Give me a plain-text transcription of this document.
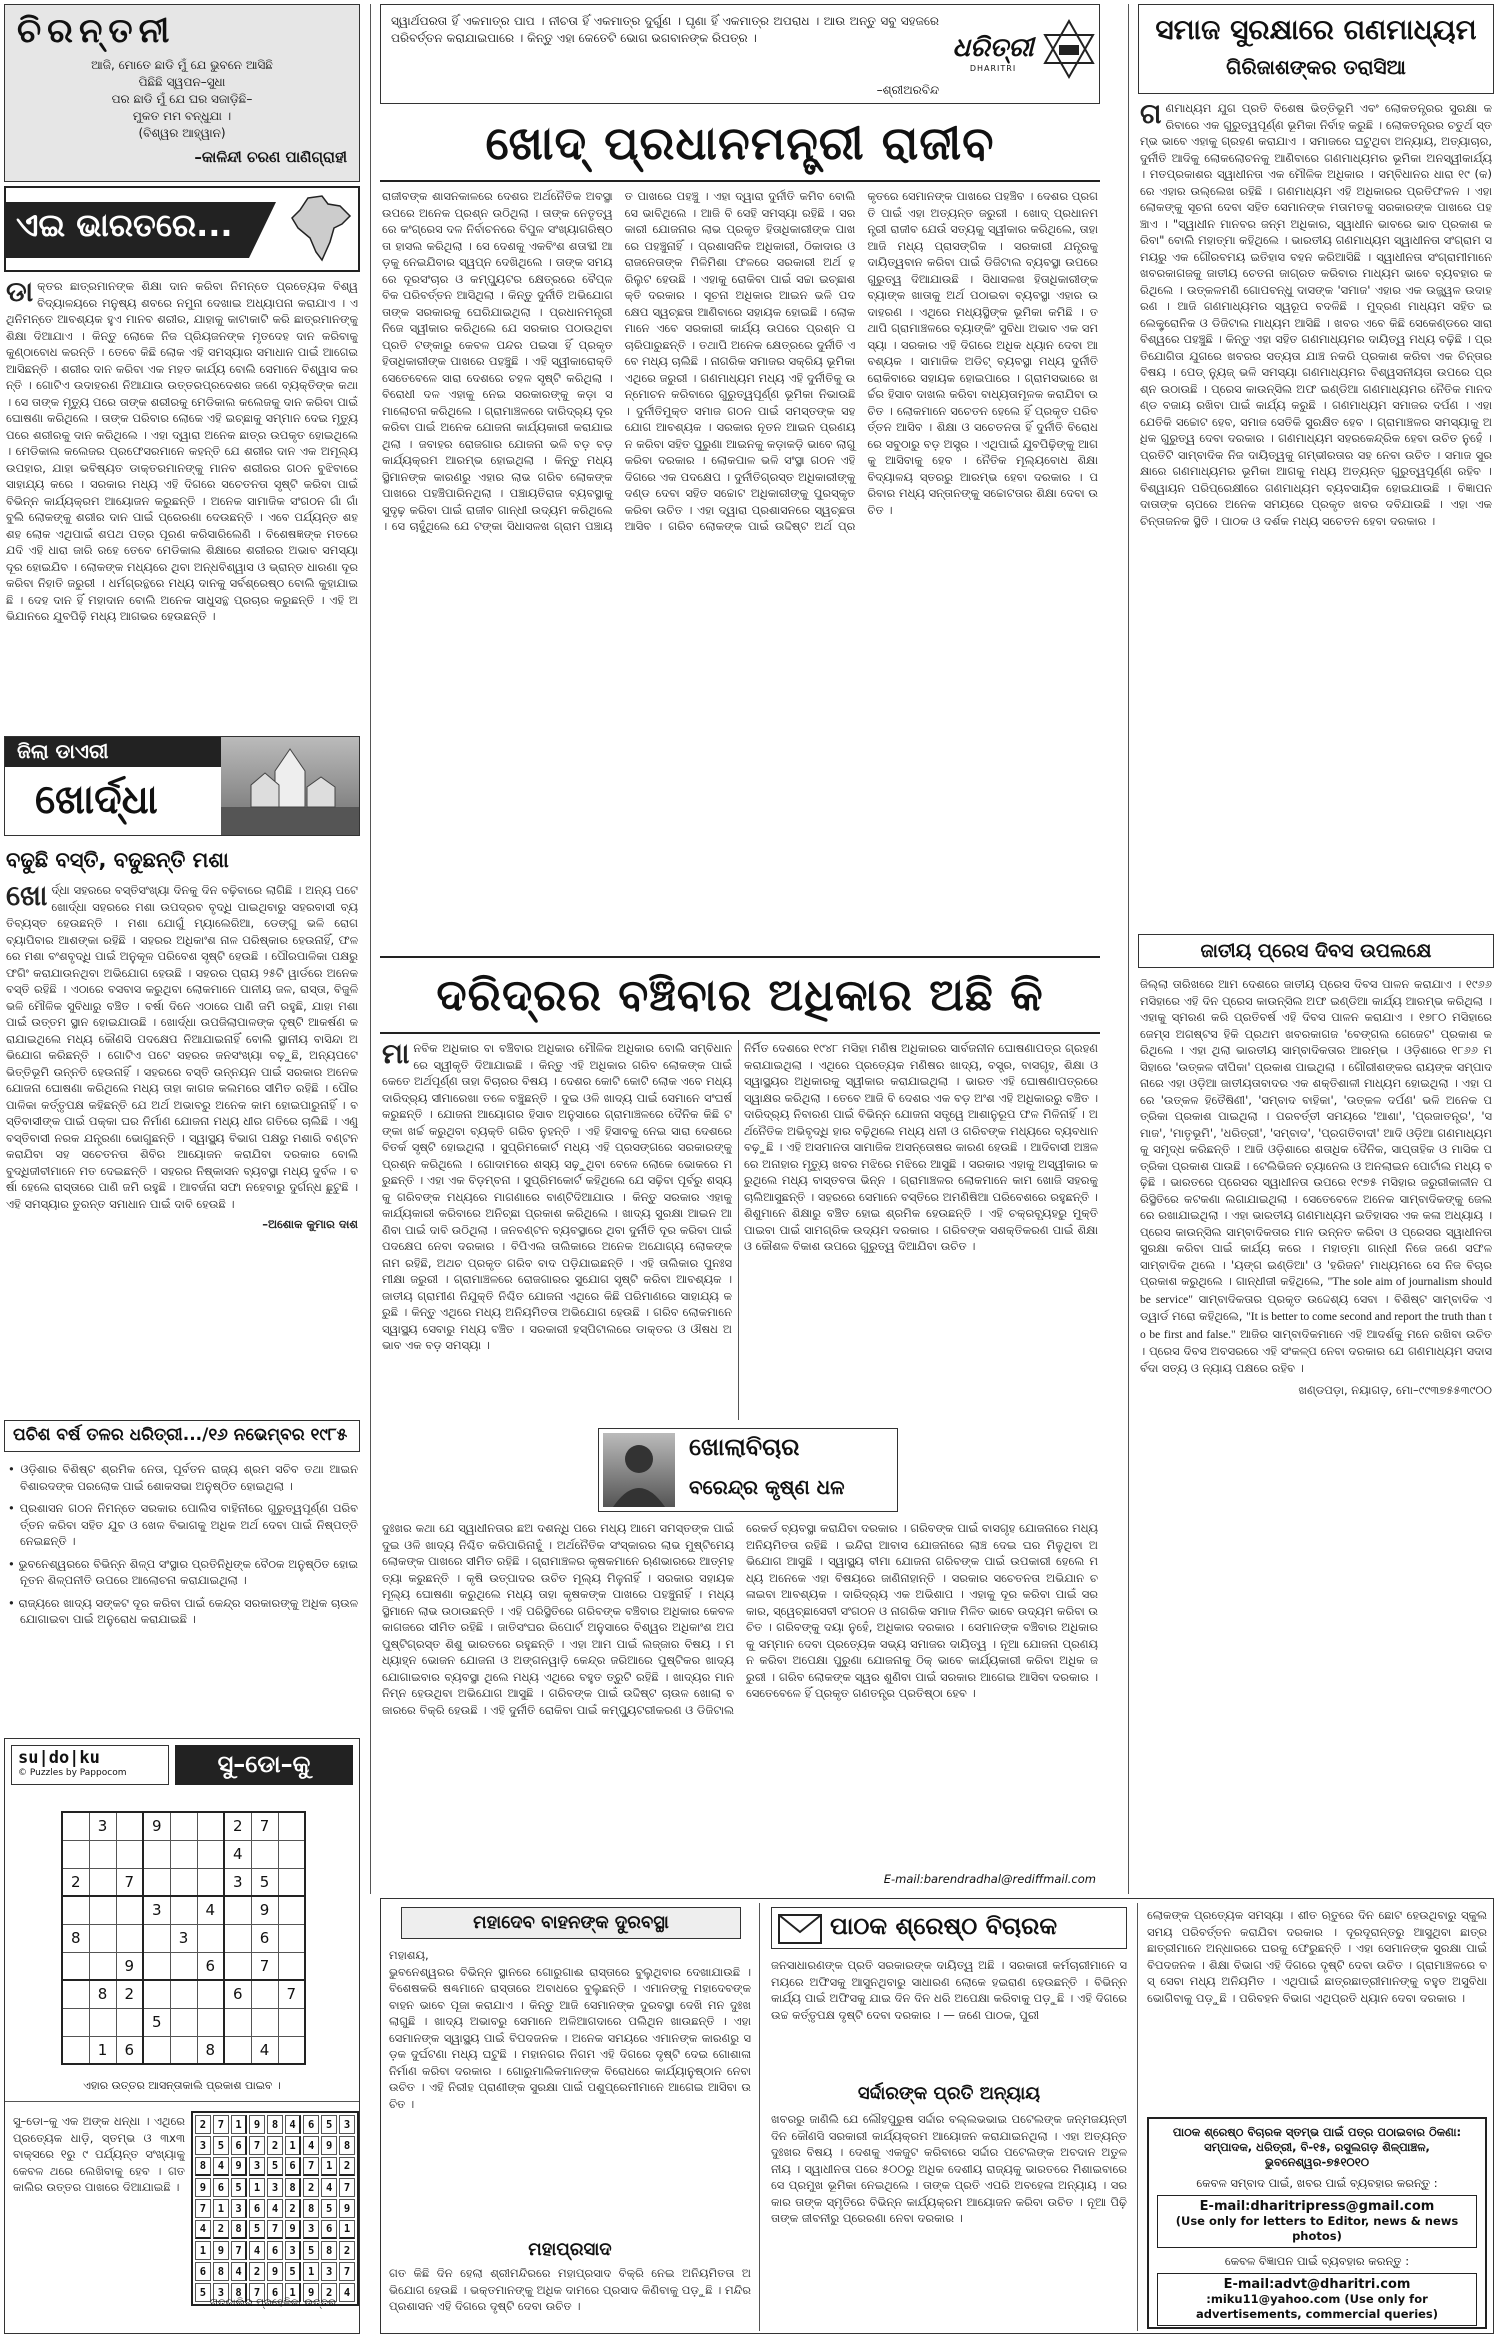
ଚିରନ୍ତନୀ
ଆଜି, ମୋତେ ଛାଡି ମୁଁ ଯେ ଭୁବନେ ଆସିଛି
ପିଛିଛି ସ୍ୱପନ–ସୁଧା
ପର ଛାଡି ମୁଁ ଯେ ଘର ସଜାଡ଼ିଛି–
ମୁକତ ମମ ବନ୍ଧୁଯା ।
(ବିଶ୍ୱର ଆହ୍ୱାନ)
–କାଳିନ୍ଦୀ ଚରଣ ପାଣିଗ୍ରାହୀ
ଏଇ ଭାରତରେ...
ଡାକ୍ତର ଛାତ୍ରମାନଙ୍କ ଶିକ୍ଷା ଦାନ କରିବା ନିମନ୍ତେ ପ୍ରତ୍ୟେକ ବିଶ୍ୱବିଦ୍ୟାଳୟରେ ମନୁଷ୍ୟ ଶବରେ ନମୁନା ଦେଖାଇ ଅଧ୍ୟାପନା କରାଯାଏ । ଏଥିନିମନ୍ତେ ଆବଶ୍ୟକ ହୁଏ ମାନବ ଶରୀର, ଯାହାକୁ କାଟାକାଟି କରି ଛାତ୍ରମାନଙ୍କୁ ଶିକ୍ଷା ଦିଆଯାଏ । କିନ୍ତୁ ଲୋକେ ନିଜ ପ୍ରିୟଜନଙ୍କ ମୃତଦେହ ଦାନ କରିବାକୁ କୁଣ୍ଠାବୋଧ କରନ୍ତି । ତେବେ କିଛି ଲୋକ ଏହି ସମସ୍ୟାର ସମାଧାନ ପାଇଁ ଆଗେଇ ଆସିଛନ୍ତି । ଶରୀର ଦାନ କରିବା ଏକ ମହତ କାର୍ଯ୍ୟ ବୋଲି ସେମାନେ ବିଶ୍ୱାସ କରନ୍ତି । ଗୋଟିଏ ଉଦାହରଣ ନିଆଯାଉ ଉତ୍ତରପ୍ରଦେଶର ଜଣେ ବ୍ୟକ୍ତିଙ୍କ କଥା । ସେ ତାଙ୍କ ମୃତ୍ୟୁ ପରେ ତାଙ୍କ ଶରୀରକୁ ମେଡିକାଲ କଲେଜକୁ ଦାନ କରିବା ପାଇଁ ଘୋଷଣା କରିଥିଲେ । ତାଙ୍କ ପରିବାର ଲୋକେ ଏହି ଇଚ୍ଛାକୁ ସମ୍ମାନ ଦେଇ ମୃତ୍ୟୁ ପରେ ଶରୀରକୁ ଦାନ କରିଥିଲେ । ଏହା ଦ୍ୱାରା ଅନେକ ଛାତ୍ର ଉପକୃତ ହୋଇଥିଲେ । ମେଡିକାଲ କଲେଜର ପ୍ରଫେସରମାନେ କହନ୍ତି ଯେ ଶରୀର ଦାନ ଏକ ଅମୂଲ୍ୟ ଉପହାର, ଯାହା ଭବିଷ୍ୟତ ଡାକ୍ତରମାନଙ୍କୁ ମାନବ ଶରୀରର ଗଠନ ବୁଝିବାରେ ସାହାଯ୍ୟ କରେ । ସରକାର ମଧ୍ୟ ଏହି ଦିଗରେ ସଚେତନତା ସୃଷ୍ଟି କରିବା ପାଇଁ ବିଭିନ୍ନ କାର୍ଯ୍ୟକ୍ରମ ଆୟୋଜନ କରୁଛନ୍ତି । ଅନେକ ସାମାଜିକ ସଂଗଠନ ଗାଁ ଗାଁ ବୁଲି ଲୋକଙ୍କୁ ଶରୀର ଦାନ ପାଇଁ ପ୍ରେରଣା ଦେଉଛନ୍ତି । ଏବେ ପର୍ଯ୍ୟନ୍ତ ଶହ ଶହ ଲୋକ ଏଥିପାଇଁ ଶପଥ ପତ୍ର ପୂରଣ କରିସାରିଲେଣି । ବିଶେଷଜ୍ଞଙ୍କ ମତରେ ଯଦି ଏହି ଧାରା ଜାରି ରହେ ତେବେ ମେଡିକାଲ ଶିକ୍ଷାରେ ଶରୀରର ଅଭାବ ସମସ୍ୟା ଦୂର ହୋଇଯିବ । ଲୋକଙ୍କ ମଧ୍ୟରେ ଥିବା ଅନ୍ଧବିଶ୍ୱାସ ଓ ଭ୍ରାନ୍ତ ଧାରଣା ଦୂର କରିବା ନିହାତି ଜରୁରୀ । ଧର୍ମଗ୍ରନ୍ଥରେ ମଧ୍ୟ ଦାନକୁ ସର୍ବଶ୍ରେଷ୍ଠ ବୋଲି କୁହାଯାଇଛି । ଦେହ ଦାନ ହିଁ ମହାଦାନ ବୋଲି ଅନେକ ସାଧୁସନ୍ଥ ପ୍ରଚାର କରୁଛନ୍ତି । ଏହି ଅଭିଯାନରେ ଯୁବପିଢ଼ି ମଧ୍ୟ ଆଗଭର ହେଉଛନ୍ତି ।
ଜିଲା ଡାଏରୀ
ଖୋର୍ଦ୍ଧା
ବଢୁଛି ବସ୍ତି, ବଢୁଛନ୍ତି ମଶା
ଖୋର୍ଦ୍ଧା ସହରରେ ବସ୍ତିସଂଖ୍ୟା ଦିନକୁ ଦିନ ବଢ଼ିବାରେ ଲାଗିଛି । ଅନ୍ୟ ପଟେ ଖୋର୍ଦ୍ଧା ସହରରେ ମଶା ଉପଦ୍ରବ ବୃଦ୍ଧି ପାଇଥିବାରୁ ସହରବାସୀ ବ୍ୟତିବ୍ୟସ୍ତ ହେଉଛନ୍ତି । ମଶା ଯୋଗୁଁ ମ୍ୟାଲେରିଆ, ଡେଙ୍ଗୁ ଭଳି ରୋଗ ବ୍ୟାପିବାର ଆଶଙ୍କା ରହିଛି । ସହରର ଅଧିକାଂଶ ନାଳ ପରିଷ୍କାର ହେଉନାହିଁ, ଫଳରେ ମଶା ବଂଶବୃଦ୍ଧି ପାଇଁ ଅନୁକୂଳ ପରିବେଶ ସୃଷ୍ଟି ହେଉଛି । ପୌରପାଳିକା ପକ୍ଷରୁ ଫଗିଂ କରାଯାଉନଥିବା ଅଭିଯୋଗ ହେଉଛି । ସହରର ପ୍ରାୟ ୨୫ଟି ୱାର୍ଡରେ ଅନେକ ବସ୍ତି ରହିଛି । ଏଠାରେ ବସବାସ କରୁଥିବା ଲୋକମାନେ ପାନୀୟ ଜଳ, ରାସ୍ତା, ବିଜୁଳି ଭଳି ମୌଳିକ ସୁବିଧାରୁ ବଞ୍ଚିତ । ବର୍ଷା ଦିନେ ଏଠାରେ ପାଣି ଜମି ରହୁଛି, ଯାହା ମଶା ପାଇଁ ଉତ୍ତମ ସ୍ଥାନ ହୋଇଯାଉଛି । ଖୋର୍ଦ୍ଧା ଉପଜିଲାପାଳଙ୍କ ଦୃଷ୍ଟି ଆକର୍ଷଣ କରାଯାଇଥିଲେ ମଧ୍ୟ କୌଣସି ପଦକ୍ଷେପ ନିଆଯାଇନାହିଁ ବୋଲି ସ୍ଥାନୀୟ ବାସିନ୍ଦା ଅଭିଯୋଗ କରିଛନ୍ତି । ଗୋଟିଏ ପଟେ ସହରର ଜନସଂଖ୍ୟା ବଢ଼ୁଛି, ଅନ୍ୟପଟେ ଭିତ୍ତିଭୂମି ଉନ୍ନତି ହେଉନାହିଁ । ସହରରେ ବସ୍ତି ଉନ୍ନୟନ ପାଇଁ ସରକାର ଅନେକ ଯୋଜନା ଘୋଷଣା କରିଥିଲେ ମଧ୍ୟ ତାହା କାଗଜ କଲମରେ ସୀମିତ ରହିଛି । ପୌରପାଳିକା କର୍ତ୍ତୃପକ୍ଷ କହିଛନ୍ତି ଯେ ଅର୍ଥ ଅଭାବରୁ ଅନେକ କାମ ହୋଇପାରୁନାହିଁ । ବସ୍ତିବାସୀଙ୍କ ପାଇଁ ପକ୍କା ଘର ନିର୍ମାଣ ଯୋଜନା ମଧ୍ୟ ଧୀର ଗତିରେ ଚାଲିଛି । ଏଣୁ ବସ୍ତିବାସୀ ନରକ ଯନ୍ତ୍ରଣା ଭୋଗୁଛନ୍ତି । ସ୍ୱାସ୍ଥ୍ୟ ବିଭାଗ ପକ୍ଷରୁ ମଶାରି ବଣ୍ଟନ କରାଯିବା ସହ ସଚେତନତା ଶିବିର ଆୟୋଜନ କରାଯିବା ଦରକାର ବୋଲି ବୁଦ୍ଧିଜୀବୀମାନେ ମତ ଦେଇଛନ୍ତି । ସହରର ନିଷ୍କାସନ ବ୍ୟବସ୍ଥା ମଧ୍ୟ ଦୁର୍ବଳ । ବର୍ଷା ହେଲେ ରାସ୍ତାରେ ପାଣି ଜମି ରହୁଛି । ଆବର୍ଜନା ସଫା ନହେବାରୁ ଦୁର୍ଗନ୍ଧ ଛୁଟୁଛି । ଏହି ସମସ୍ୟାର ତୁରନ୍ତ ସମାଧାନ ପାଇଁ ଦାବି ହେଉଛି ।
–ଅଶୋକ କୁମାର ଦାଶ
ପଚିଶ ବର୍ଷ ତଳର ଧରିତ୍ରୀ.../୧୬ ନଭେମ୍ବର ୧୯୮୫
• ଓଡ଼ିଶାର ବିଶିଷ୍ଟ ଶ୍ରମିକ ନେତା, ପୂର୍ବତନ ରାଜ୍ୟ ଶ୍ରମ ସଚିବ ତଥା ଆଇନବିଶାରଦଙ୍କ ପରଲୋକ ପାଇଁ ଶୋକସଭା ଅନୁଷ୍ଠିତ ହୋଇଥିଲା ।
• ପ୍ରଶାସନ ଗଠନ ନିମନ୍ତେ ସରକାର ପୋଲିସ ବାହିନୀରେ ଗୁରୁତ୍ୱପୂର୍ଣ୍ଣ ପରିବର୍ତ୍ତନ କରିବା ସହିତ ଯୁବ ଓ ଖେଳ ବିଭାଗକୁ ଅଧିକ ଅର୍ଥ ଦେବା ପାଇଁ ନିଷ୍ପତ୍ତି ନେଇଛନ୍ତି ।
• ଭୁବନେଶ୍ୱରରେ ବିଭିନ୍ନ ଶିଳ୍ପ ସଂସ୍ଥାର ପ୍ରତିନିଧିଙ୍କ ବୈଠକ ଅନୁଷ୍ଠିତ ହୋଇ ନୂତନ ଶିଳ୍ପନୀତି ଉପରେ ଆଲୋଚନା କରାଯାଇଥିଲା ।
• ରାଜ୍ୟରେ ଖାଦ୍ୟ ସଙ୍କଟ ଦୂର କରିବା ପାଇଁ କେନ୍ଦ୍ର ସରକାରଙ୍କୁ ଅଧିକ ଚାଉଳ ଯୋଗାଇବା ପାଇଁ ଅନୁରୋଧ କରାଯାଇଛି ।
su|do|ku
© Puzzles by Pappocom	ସୁ–ଡୋ–କୁ
	3		9			2	7	
						4		
2		7				3	5	
			3		4		9	
8				3			6	
		9			6		7	
	8	2				6		7
			5					
	1	6			8		4	
ଏହାର ଉତ୍ତର ଆସନ୍ତାକାଲି ପ୍ରକାଶ ପାଇବ ।
ସୁ–ଡୋ–କୁ ଏକ ଅଙ୍କ ଧନ୍ଧା । ଏଥିରେ ପ୍ରତ୍ୟେକ ଧାଡ଼ି, ସ୍ତମ୍ଭ ଓ ୩x୩ ବାକ୍ସରେ ୧ରୁ ୯ ପର୍ଯ୍ୟନ୍ତ ସଂଖ୍ୟାକୁ କେବଳ ଥରେ ଲେଖିବାକୁ ହେବ । ଗତକାଲିର ଉତ୍ତର ପାଖରେ ଦିଆଯାଇଛି ।
2	7	1	9	8	4	6	5	3
3	5	6	7	2	1	4	9	8
8	4	9	3	5	6	7	1	2
9	6	5	1	3	8	2	4	7
7	1	3	6	4	2	8	5	9
4	2	8	5	7	9	3	6	1
1	9	7	4	6	3	5	8	2
6	8	4	2	9	5	1	3	7
5	3	8	7	6	1	9	2	4
ଗତକାଲିର ପ୍ରହେଳିକା ଉତ୍ତର
ସ୍ୱାର୍ଥପରତା ହିଁ ଏକମାତ୍ର ପାପ । ନୀଚତା ହିଁ ଏକମାତ୍ର ଦୁର୍ଗୁଣ । ଘୃଣା ହିଁ ଏକମାତ୍ର ଅପରାଧ । ଆଉ ଅନ୍ତୁ ସବୁ ସହଜରେ ପରିବର୍ତ୍ତନ କରାଯାଇପାରେ । କିନ୍ତୁ ଏହା କେତେଟି ଭୋଗ ଭଗବାନଙ୍କ ରିପତ୍ର ।
–ଶ୍ରୀଅରବିନ୍ଦ
ଧରିତ୍ରୀ
DHARITRI
ଖୋଦ୍ ପ୍ରଧାନମନ୍ତ୍ରୀ ରାଜୀବ
ରାଜୀବଙ୍କ ଶାସନକାଳରେ ଦେଶର ଅର୍ଥନୈତିକ ଅବସ୍ଥା ଉପରେ ଅନେକ ପ୍ରଶ୍ନ ଉଠିଥିଲା । ତାଙ୍କ ନେତୃତ୍ୱରେ କଂଗ୍ରେସ ଦଳ ନିର୍ବାଚନରେ ବିପୁଳ ସଂଖ୍ୟାଗରିଷ୍ଠତା ହାସଲ କରିଥିଲା । ସେ ଦେଶକୁ ଏକବିଂଶ ଶତାବ୍ଦୀ ଆଡ଼କୁ ନେଇଯିବାର ସ୍ୱପ୍ନ ଦେଖିଥିଲେ । ତାଙ୍କ ସମୟରେ ଦୂରସଂଚାର ଓ କମ୍ପ୍ୟୁଟର କ୍ଷେତ୍ରରେ ବୈପ୍ଳବିକ ପରିବର୍ତ୍ତନ ଆସିଥିଲା । କିନ୍ତୁ ଦୁର୍ନୀତି ଅଭିଯୋଗ ତାଙ୍କ ସରକାରକୁ ଘେରିଯାଇଥିଲା । ପ୍ରଧାନମନ୍ତ୍ରୀ ନିଜେ ସ୍ୱୀକାର କରିଥିଲେ ଯେ ସରକାର ପଠାଉଥିବା ପ୍ରତି ଟଙ୍କାରୁ କେବଳ ପନ୍ଦର ପଇସା ହିଁ ପ୍ରକୃତ ହିତାଧିକାରୀଙ୍କ ପାଖରେ ପହଞ୍ଚୁଛି । ଏହି ସ୍ୱୀକାରୋକ୍ତି ସେତେବେଳେ ସାରା ଦେଶରେ ଚହଳ ସୃଷ୍ଟି କରିଥିଲା । ବିରୋଧୀ ଦଳ ଏହାକୁ ନେଇ ସରକାରଙ୍କୁ କଡ଼ା ସମାଲୋଚନା କରିଥିଲେ । ଗ୍ରାମାଞ୍ଚଳରେ ଦାରିଦ୍ର୍ୟ ଦୂର କରିବା ପାଇଁ ଅନେକ ଯୋଜନା କାର୍ଯ୍ୟକାରୀ କରାଯାଇଥିଲା । ଜବାହର ରୋଜଗାର ଯୋଜନା ଭଳି ବଡ଼ ବଡ଼ କାର୍ଯ୍ୟକ୍ରମ ଆରମ୍ଭ ହୋଇଥିଲା । କିନ୍ତୁ ମଧ୍ୟସ୍ଥିମାନଙ୍କ କାରଣରୁ ଏହାର ଲାଭ ଗରିବ ଲୋକଙ୍କ ପାଖରେ ପହଞ୍ଚିପାରିନଥିଲା । ପଞ୍ଚାୟତିରାଜ ବ୍ୟବସ୍ଥାକୁ ସୁଦୃଢ଼ କରିବା ପାଇଁ ରାଜୀବ ଗାନ୍ଧୀ ଉଦ୍ୟମ କରିଥିଲେ । ସେ ଚାହୁଁଥିଲେ ଯେ ଟଙ୍କା ସିଧାସଳଖ ଗ୍ରାମ ପଞ୍ଚାୟତ ପାଖରେ ପହଞ୍ଚୁ । ଏହା ଦ୍ୱାରା ଦୁର୍ନୀତି କମିବ ବୋଲି ସେ ଭାବିଥିଲେ । ଆଜି ବି ସେହି ସମସ୍ୟା ରହିଛି । ସରକାରୀ ଯୋଜନାର ଲାଭ ପ୍ରକୃତ ହିତାଧିକାରୀଙ୍କ ପାଖରେ ପହଞ୍ଚୁନାହିଁ । ପ୍ରଶାସନିକ ଅଧିକାରୀ, ଠିକାଦାର ଓ ରାଜନେତାଙ୍କ ମିଳିମିଶା ଫଳରେ ସରକାରୀ ଅର୍ଥ ହରିଲୁଟ ହେଉଛି । ଏହାକୁ ରୋକିବା ପାଇଁ ସଚ୍ଚା ଇଚ୍ଛାଶକ୍ତି ଦରକାର । ସୂଚନା ଅଧିକାର ଆଇନ ଭଳି ପଦକ୍ଷେପ ସ୍ୱଚ୍ଛତା ଆଣିବାରେ ସହାୟକ ହୋଇଛି । ଲୋକମାନେ ଏବେ ସରକାରୀ କାର୍ଯ୍ୟ ଉପରେ ପ୍ରଶ୍ନ ପଚାରିପାରୁଛନ୍ତି । ତଥାପି ଅନେକ କ୍ଷେତ୍ରରେ ଦୁର୍ନୀତି ଏବେ ମଧ୍ୟ ଚାଲିଛି । ନାଗରିକ ସମାଜର ସକ୍ରିୟ ଭୂମିକା ଏଥିରେ ଜରୁରୀ । ଗଣମାଧ୍ୟମ ମଧ୍ୟ ଏହି ଦୁର୍ନୀତିକୁ ଉନ୍ମୋଚନ କରିବାରେ ଗୁରୁତ୍ୱପୂର୍ଣ୍ଣ ଭୂମିକା ନିଭାଉଛି । ଦୁର୍ନୀତିମୁକ୍ତ ସମାଜ ଗଠନ ପାଇଁ ସମସ୍ତଙ୍କ ସହଯୋଗ ଆବଶ୍ୟକ । ସରକାର ନୂତନ ଆଇନ ପ୍ରଣୟନ କରିବା ସହିତ ପୁରୁଣା ଆଇନକୁ କଡ଼ାକଡ଼ି ଭାବେ ଲାଗୁ କରିବା ଦରକାର । ଲୋକପାଳ ଭଳି ସଂସ୍ଥା ଗଠନ ଏହି ଦିଗରେ ଏକ ପଦକ୍ଷେପ । ଦୁର୍ନୀତିଗ୍ରସ୍ତ ଅଧିକାରୀଙ୍କୁ ଦଣ୍ଡ ଦେବା ସହିତ ସଚ୍ଚୋଟ ଅଧିକାରୀଙ୍କୁ ପୁରସ୍କୃତ କରିବା ଉଚିତ । ଏହା ଦ୍ୱାରା ପ୍ରଶାସନରେ ସ୍ୱଚ୍ଛତା ଆସିବ । ଗରିବ ଲୋକଙ୍କ ପାଇଁ ଉଦ୍ଦିଷ୍ଟ ଅର୍ଥ ପ୍ରକୃତରେ ସେମାନଙ୍କ ପାଖରେ ପହଞ୍ଚିବ । ଦେଶର ପ୍ରଗତି ପାଇଁ ଏହା ଅତ୍ୟନ୍ତ ଜରୁରୀ । ଖୋଦ୍ ପ୍ରଧାନମନ୍ତ୍ରୀ ରାଜୀବ ଯେଉଁ ସତ୍ୟକୁ ସ୍ୱୀକାର କରିଥିଲେ, ତାହା ଆଜି ମଧ୍ୟ ପ୍ରାସଙ୍ଗିକ । ସରକାରୀ ଯନ୍ତ୍ରକୁ ଦାୟିତ୍ୱବାନ କରିବା ପାଇଁ ଡିଜିଟାଲ ବ୍ୟବସ୍ଥା ଉପରେ ଗୁରୁତ୍ୱ ଦିଆଯାଉଛି । ସିଧାସଳଖ ହିତାଧିକାରୀଙ୍କ ବ୍ୟାଙ୍କ ଖାତାକୁ ଅର୍ଥ ପଠାଇବା ବ୍ୟବସ୍ଥା ଏହାର ଉଦାହରଣ । ଏଥିରେ ମଧ୍ୟସ୍ଥିଙ୍କ ଭୂମିକା କମିଛି । ତଥାପି ଗ୍ରାମାଞ୍ଚଳରେ ବ୍ୟାଙ୍କିଂ ସୁବିଧା ଅଭାବ ଏକ ସମସ୍ୟା । ସରକାର ଏହି ଦିଗରେ ଅଧିକ ଧ୍ୟାନ ଦେବା ଆବଶ୍ୟକ । ସାମାଜିକ ଅଡିଟ୍ ବ୍ୟବସ୍ଥା ମଧ୍ୟ ଦୁର୍ନୀତି ରୋକିବାରେ ସହାୟକ ହୋଇପାରେ । ଗ୍ରାମସଭାରେ ଖର୍ଚ୍ଚର ହିସାବ ଦାଖଲ କରିବା ବାଧ୍ୟତାମୂଳକ କରାଯିବା ଉଚିତ । ଲୋକମାନେ ସଚେତନ ହେଲେ ହିଁ ପ୍ରକୃତ ପରିବର୍ତ୍ତନ ଆସିବ । ଶିକ୍ଷା ଓ ସଚେତନତା ହିଁ ଦୁର୍ନୀତି ବିରୋଧରେ ସବୁଠାରୁ ବଡ଼ ଅସ୍ତ୍ର । ଏଥିପାଇଁ ଯୁବପିଢ଼ିଙ୍କୁ ଆଗକୁ ଆସିବାକୁ ହେବ । ନୈତିକ ମୂଲ୍ୟବୋଧ ଶିକ୍ଷା ବିଦ୍ୟାଳୟ ସ୍ତରରୁ ଆରମ୍ଭ ହେବା ଦରକାର । ପରିବାର ମଧ୍ୟ ସନ୍ତାନଙ୍କୁ ସଚ୍ଚୋଟତାର ଶିକ୍ଷା ଦେବା ଉଚିତ ।
ଦରିଦ୍ରର ବଞ୍ଚିବାର ଅଧିକାର ଅଛି କି
ମାନବିକ ଅଧିକାର ବା ବଞ୍ଚିବାର ଅଧିକାର ମୌଳିକ ଅଧିକାର ବୋଲି ସମ୍ବିଧାନରେ ସ୍ୱୀକୃତି ଦିଆଯାଇଛି । କିନ୍ତୁ ଏହି ଅଧିକାର ଗରିବ ଲୋକଙ୍କ ପାଇଁ କେତେ ଅର୍ଥପୂର୍ଣ୍ଣ ତାହା ବିଚାରର ବିଷୟ । ଦେଶର କୋଟି କୋଟି ଲୋକ ଏବେ ମଧ୍ୟ ଦାରିଦ୍ର୍ୟ ସୀମାରେଖା ତଳେ ବଞ୍ଚୁଛନ୍ତି । ଦୁଇ ଓଳି ଖାଦ୍ୟ ପାଇଁ ସେମାନେ ସଂଘର୍ଷ କରୁଛନ୍ତି । ଯୋଜନା ଆୟୋଗର ହିସାବ ଅନୁସାରେ ଗ୍ରାମାଞ୍ଚଳରେ ଦୈନିକ କିଛି ଟଙ୍କା ଖର୍ଚ୍ଚ କରୁଥିବା ବ୍ୟକ୍ତି ଗରିବ ନୁହନ୍ତି । ଏହି ହିସାବକୁ ନେଇ ସାରା ଦେଶରେ ବିତର୍କ ସୃଷ୍ଟି ହୋଇଥିଲା । ସୁପ୍ରିମକୋର୍ଟ ମଧ୍ୟ ଏହି ପ୍ରସଙ୍ଗରେ ସରକାରଙ୍କୁ ପ୍ରଶ୍ନ କରିଥିଲେ । ଗୋଦାମରେ ଶସ୍ୟ ସଢ଼ୁଥିବା ବେଳେ ଲୋକେ ଭୋକରେ ମରୁଛନ୍ତି । ଏହା ଏକ ବିଡ଼ମ୍ବନା । ସୁପ୍ରିମକୋର୍ଟ କହିଥିଲେ ଯେ ସଢ଼ିବା ପୂର୍ବରୁ ଶସ୍ୟକୁ ଗରିବଙ୍କ ମଧ୍ୟରେ ମାଗଣାରେ ବାଣ୍ଟିଦିଆଯାଉ । କିନ୍ତୁ ସରକାର ଏହାକୁ କାର୍ଯ୍ୟକାରୀ କରିବାରେ ଅନିଚ୍ଛା ପ୍ରକାଶ କରିଥିଲେ । ଖାଦ୍ୟ ସୁରକ୍ଷା ଆଇନ ଆଣିବା ପାଇଁ ଦାବି ଉଠିଥିଲା । ଜନବଣ୍ଟନ ବ୍ୟବସ୍ଥାରେ ଥିବା ଦୁର୍ନୀତି ଦୂର କରିବା ପାଇଁ ପଦକ୍ଷେପ ନେବା ଦରକାର । ବିପିଏଲ ତାଲିକାରେ ଅନେକ ଅଯୋଗ୍ୟ ଲୋକଙ୍କ ନାମ ରହିଛି, ଅଥଚ ପ୍ରକୃତ ଗରିବ ବାଦ ପଡ଼ିଯାଇଛନ୍ତି । ଏହି ତାଲିକାର ପୁନଃସମୀକ୍ଷା ଜରୁରୀ । ଗ୍ରାମାଞ୍ଚଳରେ ରୋଜଗାରର ସୁଯୋଗ ସୃଷ୍ଟି କରିବା ଆବଶ୍ୟକ । ଜାତୀୟ ଗ୍ରାମୀଣ ନିଯୁକ୍ତି ନିଶ୍ଚିତ ଯୋଜନା ଏଥିରେ କିଛି ପରିମାଣରେ ସାହାଯ୍ୟ କରୁଛି । କିନ୍ତୁ ଏଥିରେ ମଧ୍ୟ ଅନିୟମିତତା ଅଭିଯୋଗ ହେଉଛି । ଗରିବ ଲୋକମାନେ ସ୍ୱାସ୍ଥ୍ୟ ସେବାରୁ ମଧ୍ୟ ବଞ୍ଚିତ । ସରକାରୀ ହସ୍ପିଟାଲରେ ଡାକ୍ତର ଓ ଔଷଧ ଅଭାବ ଏକ ବଡ଼ ସମସ୍ୟା ।
ଖୋଲାବିଚାର
ବରେନ୍ଦ୍ର କୃଷ୍ଣ ଧଳ
ନିର୍ମିତ ଦେଶରେ ୧୯୪୮ ମସିହା ମଣିଷ ଅଧିକାରର ସାର୍ବଜନୀନ ଘୋଷଣାପତ୍ର ଗ୍ରହଣ କରାଯାଇଥିଲା । ଏଥିରେ ପ୍ରତ୍ୟେକ ମଣିଷର ଖାଦ୍ୟ, ବସ୍ତ୍ର, ବାସଗୃହ, ଶିକ୍ଷା ଓ ସ୍ୱାସ୍ଥ୍ୟର ଅଧିକାରକୁ ସ୍ୱୀକାର କରାଯାଇଥିଲା । ଭାରତ ଏହି ଘୋଷଣାପତ୍ରରେ ସ୍ୱାକ୍ଷର କରିଥିଲା । ତେବେ ଆଜି ବି ଦେଶର ଏକ ବଡ଼ ଅଂଶ ଏହି ଅଧିକାରରୁ ବଞ୍ଚିତ । ଦାରିଦ୍ର୍ୟ ନିବାରଣ ପାଇଁ ବିଭିନ୍ନ ଯୋଜନା ସତ୍ତ୍ୱେ ଆଶାନୁରୂପ ଫଳ ମିଳିନାହିଁ । ଅର୍ଥନୈତିକ ଅଭିବୃଦ୍ଧି ହାର ବଢ଼ିଥିଲେ ମଧ୍ୟ ଧନୀ ଓ ଗରିବଙ୍କ ମଧ୍ୟରେ ବ୍ୟବଧାନ ବଢ଼ୁଛି । ଏହି ଅସମାନତା ସାମାଜିକ ଅସନ୍ତୋଷର କାରଣ ହେଉଛି । ଆଦିବାସୀ ଅଞ୍ଚଳରେ ଅନାହାର ମୃତ୍ୟୁ ଖବର ମଝିରେ ମଝିରେ ଆସୁଛି । ସରକାର ଏହାକୁ ଅସ୍ୱୀକାର କରୁଥିଲେ ମଧ୍ୟ ବାସ୍ତବତା ଭିନ୍ନ । ଗ୍ରାମାଞ୍ଚଳର ଲୋକମାନେ କାମ ଖୋଜି ସହରକୁ ଚାଲିଆସୁଛନ୍ତି । ସହରରେ ସେମାନେ ବସ୍ତିରେ ଅମଣିଷିଆ ପରିବେଶରେ ରହୁଛନ୍ତି । ଶିଶୁମାନେ ଶିକ୍ଷାରୁ ବଞ୍ଚିତ ହୋଇ ଶ୍ରମିକ ହେଉଛନ୍ତି । ଏହି ଚକ୍ରବ୍ୟୂହରୁ ମୁକ୍ତି ପାଇବା ପାଇଁ ସାମଗ୍ରିକ ଉଦ୍ୟମ ଦରକାର । ଗରିବଙ୍କ ସଶକ୍ତିକରଣ ପାଇଁ ଶିକ୍ଷା ଓ କୌଶଳ ବିକାଶ ଉପରେ ଗୁରୁତ୍ୱ ଦିଆଯିବା ଉଚିତ ।
ଦୁଃଖର କଥା ଯେ ସ୍ୱାଧୀନତାର ଛଅ ଦଶନ୍ଧି ପରେ ମଧ୍ୟ ଆମେ ସମସ୍ତଙ୍କ ପାଇଁ ଦୁଇ ଓଳି ଖାଦ୍ୟ ନିଶ୍ଚିତ କରିପାରିନାହୁଁ । ଅର୍ଥନୈତିକ ସଂସ୍କାରର ଲାଭ ମୁଷ୍ଟିମେୟ ଲୋକଙ୍କ ପାଖରେ ସୀମିତ ରହିଛି । ଗ୍ରାମାଞ୍ଚଳର କୃଷକମାନେ ଋଣଭାରରେ ଆତ୍ମହତ୍ୟା କରୁଛନ୍ତି । କୃଷି ଉତ୍ପାଦର ଉଚିତ ମୂଲ୍ୟ ମିଳୁନାହିଁ । ସରକାର ସହାୟକ ମୂଲ୍ୟ ଘୋଷଣା କରୁଥିଲେ ମଧ୍ୟ ତାହା କୃଷକଙ୍କ ପାଖରେ ପହଞ୍ଚୁନାହିଁ । ମଧ୍ୟସ୍ଥିମାନେ ଲାଭ ଉଠାଉଛନ୍ତି । ଏହି ପରିସ୍ଥିତିରେ ଗରିବଙ୍କ ବଞ୍ଚିବାର ଅଧିକାର କେବଳ କାଗଜରେ ସୀମିତ ରହିଛି । ଜାତିସଂଘର ରିପୋର୍ଟ ଅନୁସାରେ ବିଶ୍ୱର ଅଧିକାଂଶ ଅପପୁଷ୍ଟିଗ୍ରସ୍ତ ଶିଶୁ ଭାରତରେ ରହୁଛନ୍ତି । ଏହା ଆମ ପାଇଁ ଲଜ୍ଜାର ବିଷୟ । ମଧ୍ୟାହ୍ନ ଭୋଜନ ଯୋଜନା ଓ ଅଙ୍ଗନୱାଡ଼ି କେନ୍ଦ୍ର ଜରିଆରେ ପୁଷ୍ଟିକର ଖାଦ୍ୟ ଯୋଗାଇବାର ବ୍ୟବସ୍ଥା ଥିଲେ ମଧ୍ୟ ଏଥିରେ ବହୁତ ତ୍ରୁଟି ରହିଛି । ଖାଦ୍ୟର ମାନ ନିମ୍ନ ହେଉଥିବା ଅଭିଯୋଗ ଆସୁଛି । ଗରିବଙ୍କ ପାଇଁ ଉଦ୍ଦିଷ୍ଟ ଚାଉଳ ଖୋଲା ବଜାରରେ ବିକ୍ରି ହେଉଛି । ଏହି ଦୁର୍ନୀତି ରୋକିବା ପାଇଁ କମ୍ପ୍ୟୁଟରୀକରଣ ଓ ଡିଜିଟାଲ ରେକର୍ଡ ବ୍ୟବସ୍ଥା କରାଯିବା ଦରକାର । ଗରିବଙ୍କ ପାଇଁ ବାସଗୃହ ଯୋଜନାରେ ମଧ୍ୟ ଅନିୟମିତତା ରହିଛି । ଇନ୍ଦିରା ଆବାସ ଯୋଜନାରେ ଲାଞ୍ଚ ଦେଇ ଘର ମିଳୁଥିବା ଅଭିଯୋଗ ଆସୁଛି । ସ୍ୱାସ୍ଥ୍ୟ ବୀମା ଯୋଜନା ଗରିବଙ୍କ ପାଇଁ ଉପକାରୀ ହେଲେ ମଧ୍ୟ ଅନେକେ ଏହା ବିଷୟରେ ଜାଣିନାହାନ୍ତି । ସରକାର ସଚେତନତା ଅଭିଯାନ ଚଳାଇବା ଆବଶ୍ୟକ । ଦାରିଦ୍ର୍ୟ ଏକ ଅଭିଶାପ । ଏହାକୁ ଦୂର କରିବା ପାଇଁ ସରକାର, ସ୍ୱେଚ୍ଛାସେବୀ ସଂଗଠନ ଓ ନାଗରିକ ସମାଜ ମିଳିତ ଭାବେ ଉଦ୍ୟମ କରିବା ଉଚିତ । ଗରିବଙ୍କୁ ଦୟା ନୁହେଁ, ଅଧିକାର ଦରକାର । ସେମାନଙ୍କ ବଞ୍ଚିବାର ଅଧିକାରକୁ ସମ୍ମାନ ଦେବା ପ୍ରତ୍ୟେକ ସଭ୍ୟ ସମାଜର ଦାୟିତ୍ୱ । ନୂଆ ଯୋଜନା ପ୍ରଣୟନ କରିବା ଅପେକ୍ଷା ପୁରୁଣା ଯୋଜନାକୁ ଠିକ୍ ଭାବେ କାର୍ଯ୍ୟକାରୀ କରିବା ଅଧିକ ଜରୁରୀ । ଗରିବ ଲୋକଙ୍କ ସ୍ୱର ଶୁଣିବା ପାଇଁ ସରକାର ଆଗେଇ ଆସିବା ଦରକାର । ସେତେବେଳେ ହିଁ ପ୍ରକୃତ ଗଣତନ୍ତ୍ର ପ୍ରତିଷ୍ଠା ହେବ ।
E-mail:barendradhal@rediffmail.com
ସମାଜ ସୁରକ୍ଷାରେ ଗଣମାଧ୍ୟମ
ଗିରିଜାଶଙ୍କର ତରାସିଆ
ଗଣମାଧ୍ୟମ ଯୁଗ ପ୍ରତି ବିଶେଷ ଭିତ୍ତିଭୂମି ଏବଂ ଲୋକତନ୍ତ୍ରର ସୁରକ୍ଷା କରିବାରେ ଏକ ଗୁରୁତ୍ୱପୂର୍ଣ୍ଣ ଭୂମିକା ନିର୍ବାହ କରୁଛି । ଲୋକତନ୍ତ୍ରର ଚତୁର୍ଥ ସ୍ତମ୍ଭ ଭାବେ ଏହାକୁ ଗ୍ରହଣ କରାଯାଏ । ସମାଜରେ ଘଟୁଥିବା ଅନ୍ୟାୟ, ଅତ୍ୟାଚାର, ଦୁର୍ନୀତି ଆଦିକୁ ଲୋକଲୋଚନକୁ ଆଣିବାରେ ଗଣମାଧ୍ୟମର ଭୂମିକା ଅନସ୍ୱୀକାର୍ଯ୍ୟ । ମତପ୍ରକାଶର ସ୍ୱାଧୀନତା ଏକ ମୌଳିକ ଅଧିକାର । ସମ୍ବିଧାନର ଧାରା ୧୯ (କ) ରେ ଏହାର ଉଲ୍ଲେଖ ରହିଛି । ଗଣମାଧ୍ୟମ ଏହି ଅଧିକାରର ପ୍ରତିଫଳନ । ଏହା ଲୋକଙ୍କୁ ସୂଚନା ଦେବା ସହିତ ସେମାନଙ୍କ ମତାମତକୁ ସରକାରଙ୍କ ପାଖରେ ପହଞ୍ଚାଏ । "ସ୍ୱାଧୀନ ମାନବର ଜନ୍ମ ଅଧିକାର, ସ୍ୱାଧୀନ ଭାବରେ ଭାବ ପ୍ରକାଶ କରିବା" ବୋଲି ମହାତ୍ମା କହିଥିଲେ । ଭାରତୀୟ ଗଣମାଧ୍ୟମ ସ୍ୱାଧୀନତା ସଂଗ୍ରାମ ସମୟରୁ ଏକ ଗୌରବମୟ ଇତିହାସ ବହନ କରିଆସିଛି । ସ୍ୱାଧୀନତା ସଂଗ୍ରାମୀମାନେ ଖବରକାଗଜକୁ ଜାତୀୟ ଚେତନା ଜାଗ୍ରତ କରିବାର ମାଧ୍ୟମ ଭାବେ ବ୍ୟବହାର କରିଥିଲେ । ଉତ୍କଳମଣି ଗୋପବନ୍ଧୁ ଦାସଙ୍କ 'ସମାଜ' ଏହାର ଏକ ଉଜ୍ଜ୍ୱଳ ଉଦାହରଣ । ଆଜି ଗଣମାଧ୍ୟମର ସ୍ୱରୂପ ବଦଳିଛି । ମୁଦ୍ରଣ ମାଧ୍ୟମ ସହିତ ଇଲେକ୍ଟ୍ରୋନିକ ଓ ଡିଜିଟାଲ ମାଧ୍ୟମ ଆସିଛି । ଖବର ଏବେ କିଛି ସେକେଣ୍ଡରେ ସାରା ବିଶ୍ୱରେ ପହଞ୍ଚୁଛି । କିନ୍ତୁ ଏହା ସହିତ ଗଣମାଧ୍ୟମର ଦାୟିତ୍ୱ ମଧ୍ୟ ବଢ଼ିଛି । ପ୍ରତିଯୋଗିତା ଯୁଗରେ ଖବରର ସତ୍ୟତା ଯାଞ୍ଚ ନକରି ପ୍ରକାଶ କରିବା ଏକ ଚିନ୍ତାର ବିଷୟ । ପେଡ୍ ନ୍ୟୁଜ୍ ଭଳି ସମସ୍ୟା ଗଣମାଧ୍ୟମର ବିଶ୍ୱସନୀୟତା ଉପରେ ପ୍ରଶ୍ନ ଉଠାଉଛି । ପ୍ରେସ କାଉନ୍ସିଲ ଅଫ ଇଣ୍ଡିଆ ଗଣମାଧ୍ୟମର ନୈତିକ ମାନଦଣ୍ଡ ବଜାୟ ରଖିବା ପାଇଁ କାର୍ଯ୍ୟ କରୁଛି । ଗଣମାଧ୍ୟମ ସମାଜର ଦର୍ପଣ । ଏହା ଯେତିକି ସଚ୍ଚୋଟ ହେବ, ସମାଜ ସେତିକି ସୁରକ୍ଷିତ ହେବ । ଗ୍ରାମାଞ୍ଚଳର ସମସ୍ୟାକୁ ଅଧିକ ଗୁରୁତ୍ୱ ଦେବା ଦରକାର । ଗଣମାଧ୍ୟମ ସହରକେନ୍ଦ୍ରିକ ହେବା ଉଚିତ ନୁହେଁ । ପ୍ରତିଟି ସାମ୍ବାଦିକ ନିଜ ଦାୟିତ୍ୱକୁ ଗମ୍ଭୀରତାର ସହ ନେବା ଉଚିତ । ସମାଜ ସୁରକ୍ଷାରେ ଗଣମାଧ୍ୟମର ଭୂମିକା ଆଗକୁ ମଧ୍ୟ ଅତ୍ୟନ୍ତ ଗୁରୁତ୍ୱପୂର୍ଣ୍ଣ ରହିବ । ବିଶ୍ୱାୟନ ପରିପ୍ରେକ୍ଷୀରେ ଗଣମାଧ୍ୟମ ବ୍ୟବସାୟିକ ହୋଇଯାଉଛି । ବିଜ୍ଞାପନଦାତାଙ୍କ ଚାପରେ ଅନେକ ସମୟରେ ପ୍ରକୃତ ଖବର ଦବିଯାଉଛି । ଏହା ଏକ ଚିନ୍ତାଜନକ ସ୍ଥିତି । ପାଠକ ଓ ଦର୍ଶକ ମଧ୍ୟ ସଚେତନ ହେବା ଦରକାର ।
ଜାତୀୟ ପ୍ରେସ ଦିବସ ଉପଲକ୍ଷେ
ଜିଲ୍ଲା ତାରିଖରେ ଆମ ଦେଶରେ ଜାତୀୟ ପ୍ରେସ ଦିବସ ପାଳନ କରାଯାଏ । ୧୯୬୬ ମସିହାରେ ଏହି ଦିନ ପ୍ରେସ କାଉନ୍ସିଲ ଅଫ ଇଣ୍ଡିଆ କାର୍ଯ୍ୟ ଆରମ୍ଭ କରିଥିଲା । ଏହାକୁ ସ୍ମରଣ କରି ପ୍ରତିବର୍ଷ ଏହି ଦିବସ ପାଳନ କରାଯାଏ । ୧୭୮୦ ମସିହାରେ ଜେମ୍ସ ଅଗଷ୍ଟସ ହିକି ପ୍ରଥମ ଖବରକାଗଜ 'ବେଙ୍ଗଲ ଗେଜେଟ' ପ୍ରକାଶ କରିଥିଲେ । ଏହା ଥିଲା ଭାରତୀୟ ସାମ୍ବାଦିକତାର ଆରମ୍ଭ । ଓଡ଼ିଶାରେ ୧୮୬୬ ମସିହାରେ 'ଉତ୍କଳ ଦୀପିକା' ପ୍ରକାଶ ପାଇଥିଲା । ଗୌରୀଶଙ୍କର ରାୟଙ୍କ ସମ୍ପାଦନାରେ ଏହା ଓଡ଼ିଆ ଜାତୀୟତାବାଦର ଏକ ଶକ୍ତିଶାଳୀ ମାଧ୍ୟମ ହୋଇଥିଲା । ଏହା ପରେ 'ଉତ୍କଳ ହିତୈଷିଣୀ', 'ସମ୍ବାଦ ବାହିକା', 'ଉତ୍କଳ ଦର୍ପଣ' ଭଳି ଅନେକ ପତ୍ରିକା ପ୍ରକାଶ ପାଇଥିଲା । ପରବର୍ତ୍ତୀ ସମୟରେ 'ଆଶା', 'ପ୍ରଜାତନ୍ତ୍ର', 'ସମାଜ', 'ମାତୃଭୂମି', 'ଧରିତ୍ରୀ', 'ସମ୍ବାଦ', 'ପ୍ରଗତିବାଦୀ' ଆଦି ଓଡ଼ିଆ ଗଣମାଧ୍ୟମକୁ ସମୃଦ୍ଧ କରିଛନ୍ତି । ଆଜି ଓଡ଼ିଶାରେ ଶତାଧିକ ଦୈନିକ, ସାପ୍ତାହିକ ଓ ମାସିକ ପତ୍ରିକା ପ୍ରକାଶ ପାଉଛି । ଟେଲିଭିଜନ ଚ୍ୟାନେଲ ଓ ଅନଲାଇନ ପୋର୍ଟାଲ ମଧ୍ୟ ବଢ଼ିଛି । ଭାରତରେ ପ୍ରେସର ସ୍ୱାଧୀନତା ଉପରେ ୧୯୭୫ ମସିହାର ଜରୁରୀକାଳୀନ ପରିସ୍ଥିତିରେ କଟକଣା ଲଗାଯାଇଥିଲା । ସେତେବେଳେ ଅନେକ ସାମ୍ବାଦିକଙ୍କୁ ଜେଲରେ ରଖାଯାଇଥିଲା । ଏହା ଭାରତୀୟ ଗଣମାଧ୍ୟମ ଇତିହାସର ଏକ କଳା ଅଧ୍ୟାୟ । ପ୍ରେସ କାଉନ୍ସିଲ ସାମ୍ବାଦିକତାର ମାନ ଉନ୍ନତ କରିବା ଓ ପ୍ରେସର ସ୍ୱାଧୀନତା ସୁରକ୍ଷା କରିବା ପାଇଁ କାର୍ଯ୍ୟ କରେ । ମହାତ୍ମା ଗାନ୍ଧୀ ନିଜେ ଜଣେ ସଫଳ ସାମ୍ବାଦିକ ଥିଲେ । 'ୟଙ୍ଗ ଇଣ୍ଡିଆ' ଓ 'ହରିଜନ' ମାଧ୍ୟମରେ ସେ ନିଜ ବିଚାର ପ୍ରକାଶ କରୁଥିଲେ । ଗାନ୍ଧୀଜୀ କହିଥିଲେ, "The sole aim of journalism should be service" ସାମ୍ବାଦିକତାର ପ୍ରକୃତ ଉଦ୍ଦେଶ୍ୟ ସେବା । ବିଶିଷ୍ଟ ସାମ୍ବାଦିକ ଏଡ୍ୱାର୍ଡ ମରୋ କହିଥିଲେ, "It is better to come second and report the truth than to be first and false." ଆଜିର ସାମ୍ବାଦିକମାନେ ଏହି ଆଦର୍ଶକୁ ମନେ ରଖିବା ଉଚିତ । ପ୍ରେସ ଦିବସ ଅବସରରେ ଏହି ସଂକଳ୍ପ ନେବା ଦରକାର ଯେ ଗଣମାଧ୍ୟମ ସଦାସର୍ବଦା ସତ୍ୟ ଓ ନ୍ୟାୟ ପକ୍ଷରେ ରହିବ ।
ଖଣ୍ଡପଡ଼ା, ନୟାଗଡ଼, ମୋ–୯୯୩୭୫୫୩୯୦୦
ମହାଦେବ ବାହନଙ୍କ ଦୁରବସ୍ଥା
ମହାଶୟ,
ଭୁବନେଶ୍ୱରର ବିଭିନ୍ନ ସ୍ଥାନରେ ଗୋରୁଗାଈ ରାସ୍ତାରେ ବୁଲୁଥିବାର ଦେଖାଯାଉଛି । ବିଶେଷକରି ଷଣ୍ଢମାନେ ରାସ୍ତାରେ ଅବାଧରେ ବୁଲୁଛନ୍ତି । ଏମାନଙ୍କୁ ମହାଦେବଙ୍କ ବାହନ ଭାବେ ପୂଜା କରାଯାଏ । କିନ୍ତୁ ଆଜି ସେମାନଙ୍କ ଦୁରବସ୍ଥା ଦେଖି ମନ ଦୁଃଖ ଲାଗୁଛି । ଖାଦ୍ୟ ଅଭାବରୁ ସେମାନେ ଅଳିଆଗଦାରେ ପଲିଥିନ ଖାଉଛନ୍ତି । ଏହା ସେମାନଙ୍କ ସ୍ୱାସ୍ଥ୍ୟ ପାଇଁ ବିପଦଜନକ । ଅନେକ ସମୟରେ ଏମାନଙ୍କ କାରଣରୁ ସଡ଼କ ଦୁର୍ଘଟଣା ମଧ୍ୟ ଘଟୁଛି । ମହାନଗର ନିଗମ ଏହି ଦିଗରେ ଦୃଷ୍ଟି ଦେଇ ଗୋଶାଳା ନିର୍ମାଣ କରିବା ଦରକାର । ଗୋରୁମାଲିକମାନଙ୍କ ବିରୋଧରେ କାର୍ଯ୍ୟାନୁଷ୍ଠାନ ନେବା ଉଚିତ । ଏହି ନିରୀହ ପ୍ରାଣୀଙ୍କ ସୁରକ୍ଷା ପାଇଁ ପଶୁପ୍ରେମୀମାନେ ଆଗେଇ ଆସିବା ଉଚିତ ।
ମହାପ୍ରସାଦ
ଗତ କିଛି ଦିନ ହେଲା ଶ୍ରୀମନ୍ଦିରରେ ମହାପ୍ରସାଦ ବିକ୍ରି ନେଇ ଅନିୟମିତତା ଅଭିଯୋଗ ହେଉଛି । ଭକ୍ତମାନଙ୍କୁ ଅଧିକ ଦାମରେ ପ୍ରସାଦ କିଣିବାକୁ ପଡ଼ୁଛି । ମନ୍ଦିର ପ୍ରଶାସନ ଏହି ଦିଗରେ ଦୃଷ୍ଟି ଦେବା ଉଚିତ ।
ପାଠକ ଶ୍ରେଷ୍ଠ ବିଚାରକ
ଜନସାଧାରଣଙ୍କ ପ୍ରତି ସରକାରଙ୍କ ଦାୟିତ୍ୱ ଅଛି । ସରକାରୀ କର୍ମଚାରୀମାନେ ସମୟରେ ଅଫିସକୁ ଆସୁନଥିବାରୁ ସାଧାରଣ ଲୋକେ ହଇରାଣ ହେଉଛନ୍ତି । ବିଭିନ୍ନ କାର୍ଯ୍ୟ ପାଇଁ ଅଫିସକୁ ଯାଇ ଦିନ ଦିନ ଧରି ଅପେକ୍ଷା କରିବାକୁ ପଡ଼ୁଛି । ଏହି ଦିଗରେ ଉଚ୍ଚ କର୍ତ୍ତୃପକ୍ଷ ଦୃଷ୍ଟି ଦେବା ଦରକାର । — ଜଣେ ପାଠକ, ପୁରୀ
ସର୍ଦ୍ଦାରଙ୍କ ପ୍ରତି ଅନ୍ୟାୟ
ଖବରରୁ ଜାଣିଲି ଯେ ଲୌହପୁରୁଷ ସର୍ଦ୍ଦାର ବଲ୍ଲଭଭାଇ ପଟେଲଙ୍କ ଜନ୍ମଜୟନ୍ତୀ ଦିନ କୌଣସି ସରକାରୀ କାର୍ଯ୍ୟକ୍ରମ ଆୟୋଜନ କରାଯାଇନଥିଲା । ଏହା ଅତ୍ୟନ୍ତ ଦୁଃଖର ବିଷୟ । ଦେଶକୁ ଏକଜୁଟ କରିବାରେ ସର୍ଦ୍ଦାର ପଟେଲଙ୍କ ଅବଦାନ ଅତୁଳନୀୟ । ସ୍ୱାଧୀନତା ପରେ ୫୦୦ରୁ ଅଧିକ ଦେଶୀୟ ରାଜ୍ୟକୁ ଭାରତରେ ମିଶାଇବାରେ ସେ ପ୍ରମୁଖ ଭୂମିକା ନେଇଥିଲେ । ତାଙ୍କ ପ୍ରତି ଏପରି ଅବହେଳା ଅନ୍ୟାୟ । ସରକାର ତାଙ୍କ ସ୍ମୃତିରେ ବିଭିନ୍ନ କାର୍ଯ୍ୟକ୍ରମ ଆୟୋଜନ କରିବା ଉଚିତ । ନୂଆ ପିଢ଼ି ତାଙ୍କ ଜୀବନୀରୁ ପ୍ରେରଣା ନେବା ଦରକାର ।
ଲୋକଙ୍କ ପ୍ରତ୍ୟେକ ସମସ୍ୟା । ଶୀତ ଋତୁରେ ଦିନ ଛୋଟ ହେଉଥିବାରୁ ସ୍କୁଲ ସମୟ ପରିବର୍ତ୍ତନ କରାଯିବା ଦରକାର । ଦୂରଦୂରାନ୍ତରୁ ଆସୁଥିବା ଛାତ୍ରଛାତ୍ରୀମାନେ ଅନ୍ଧାରରେ ଘରକୁ ଫେରୁଛନ୍ତି । ଏହା ସେମାନଙ୍କ ସୁରକ୍ଷା ପାଇଁ ବିପଦଜନକ । ଶିକ୍ଷା ବିଭାଗ ଏହି ଦିଗରେ ଦୃଷ୍ଟି ଦେବା ଉଚିତ । ଗ୍ରାମାଞ୍ଚଳରେ ବସ୍ ସେବା ମଧ୍ୟ ଅନିୟମିତ । ଏଥିପାଇଁ ଛାତ୍ରଛାତ୍ରୀମାନଙ୍କୁ ବହୁତ ଅସୁବିଧା ଭୋଗିବାକୁ ପଡ଼ୁଛି । ପରିବହନ ବିଭାଗ ଏଥିପ୍ରତି ଧ୍ୟାନ ଦେବା ଦରକାର ।
ପାଠକ ଶ୍ରେଷ୍ଠ ବିଚାରକ ସ୍ତମ୍ଭ ପାଇଁ ପତ୍ର ପଠାଇବାର ଠିକଣା: ସମ୍ପାଦକ, ଧରିତ୍ରୀ, ବି-୧୫, ରସୁଲଗଡ଼ ଶିଳ୍ପାଞ୍ଚଳ, ଭୁବନେଶ୍ୱର-୭୫୧୦୧୦
କେବଳ ସମ୍ବାଦ ପାଇଁ, ଖବର ପାଇଁ ବ୍ୟବହାର କରନ୍ତୁ :
E-mail:dharitripress@gmail.com
(Use only for letters to Editor, news & news photos)
କେବଳ ବିଜ୍ଞାପନ ପାଇଁ ବ୍ୟବହାର କରନ୍ତୁ :
E-mail:advt@dharitri.com
:miku11@yahoo.com (Use only for advertisements, commercial queries)
